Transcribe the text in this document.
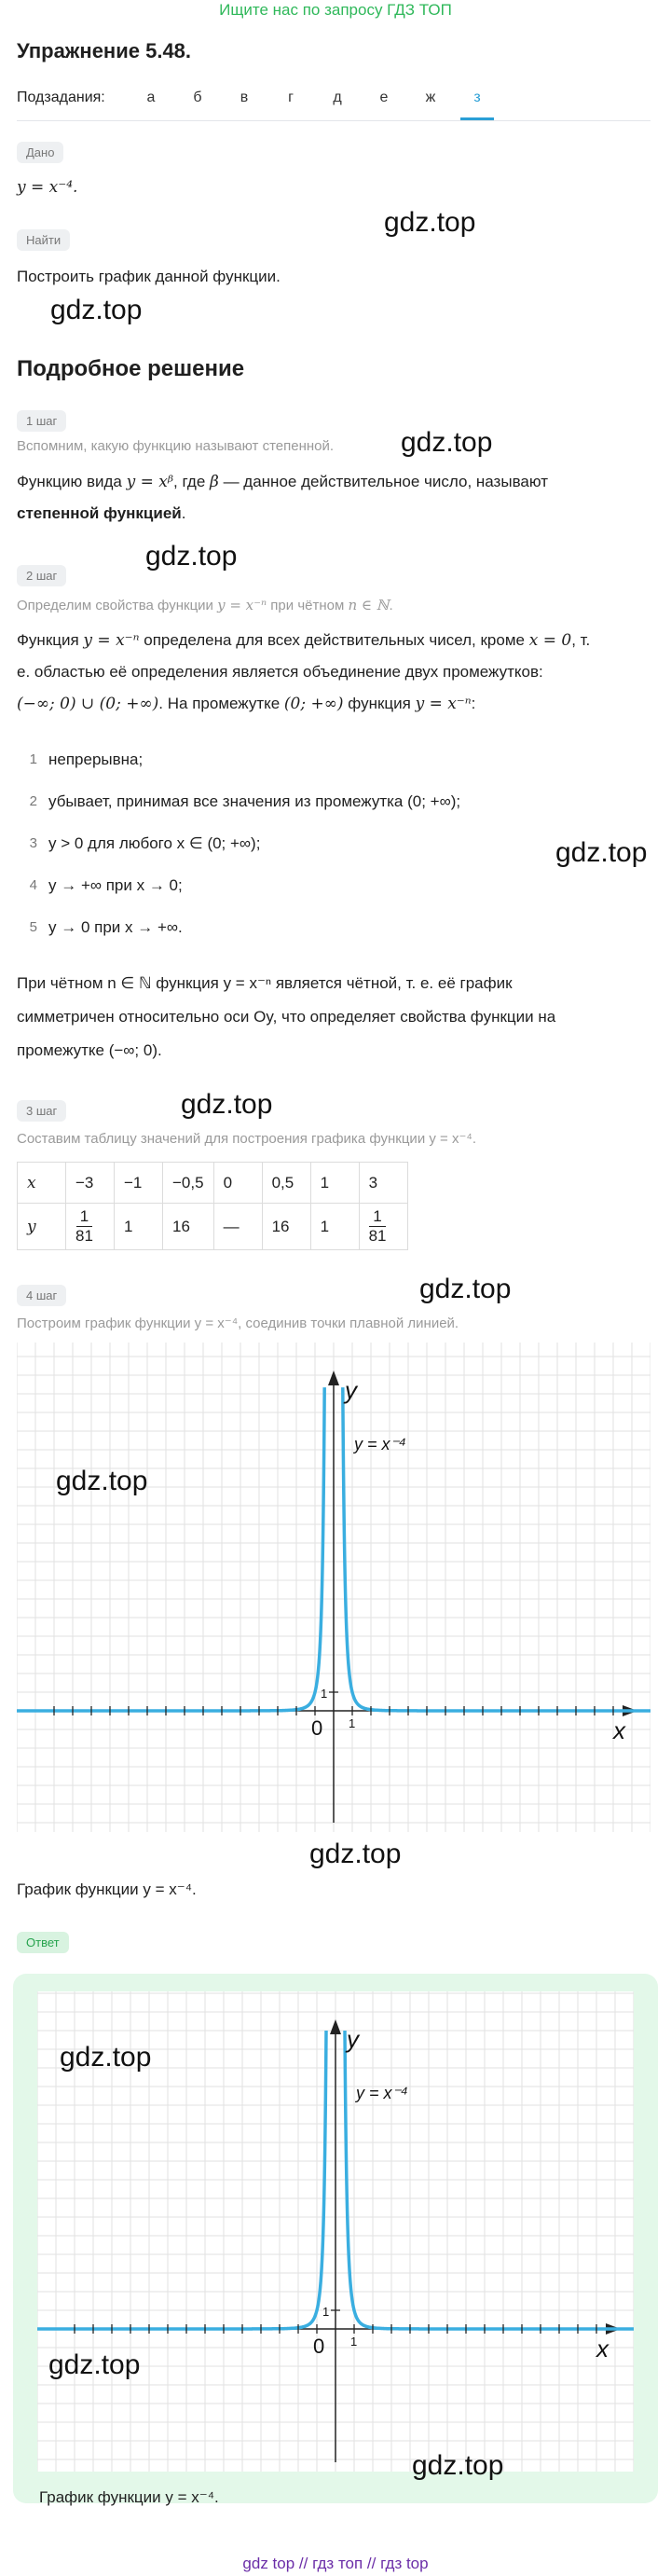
Ищите нас по запросу ГДЗ ТОП
Упражнение 5.48.
Подзадания:	а	б	в	г	д	е	ж	з
Дано
y = x⁻⁴.
gdz.top
Найти
Построить график данной функции.
gdz.top
Подробное решение
1 шаг
Вспомним, какую функцию называют степенной. gdz.top
Функцию вида y = xᵝ, где β — данное действительное число, называют
степенной функцией.
gdz.top
2 шаг
Определим свойства функции y = x⁻ⁿ при чётном n ∈ ℕ.
Функция y = x⁻ⁿ определена для всех действительных чисел, кроме x = 0, т.
е. областью её определения является объединение двух промежутков:
(−∞; 0) ∪ (0; +∞). На промежутке (0; +∞) функция y = x⁻ⁿ:
1 непрерывна;
2 убывает, принимая все значения из промежутка (0; +∞);
3 y > 0 для любого x ∈ (0; +∞);
4 y → +∞ при x → 0;
5 y → 0 при x → +∞.
gdz.top
При чётном n ∈ ℕ функция y = x⁻ⁿ является чётной, т. е. её график
симметричен относительно оси Oy, что определяет свойства функции на
промежутке (−∞; 0).
gdz.top
3 шаг
Составим таблицу значений для построения графика функции y = x⁻⁴.
x	−3	−1	−0,5	0	0,5	1	3
y	$\frac{1}{81}$	1	16	—	16	1	$\frac{1}{81}$
gdz.top
4 шаг
Построим график функции y = x⁻⁴, соединив точки плавной линией.
x
y
0 1
1
y = x⁻⁴
gdz.top
gdz.top
График функции y = x⁻⁴.
Ответ
x
y
0 1
1
y = x⁻⁴
gdz.top
gdz.top
gdz.top
График функции y = x⁻⁴.
gdz top // гдз топ // гдз top
